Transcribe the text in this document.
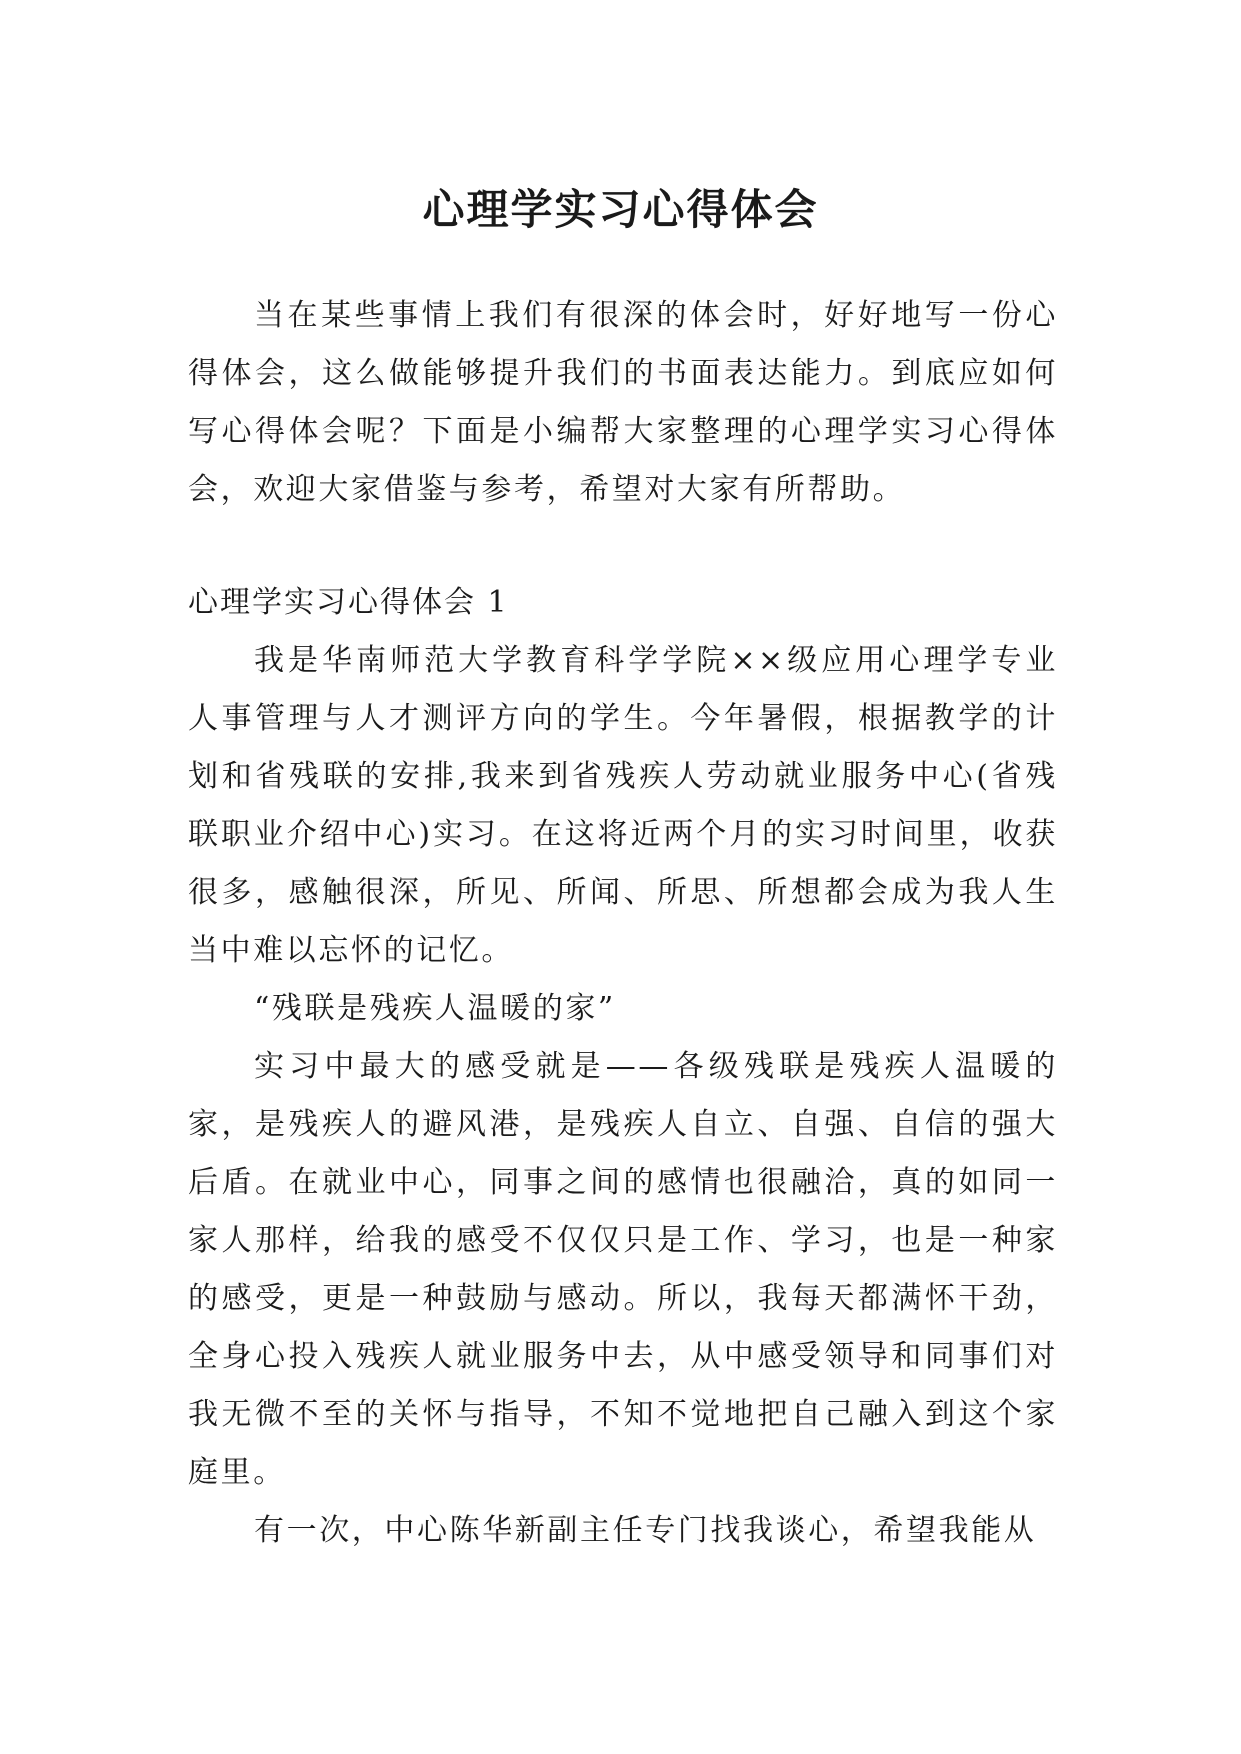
心理学实习心得体会

当在某些事情上我们有很深的体会时，好好地写一份心得体会，这么做能够提升我们的书面表达能力。到底应如何写心得体会呢？下面是小编帮大家整理的心理学实习心得体会，欢迎大家借鉴与参考，希望对大家有所帮助。

心理学实习心得体会 1

我是华南师范大学教育科学学院××级应用心理学专业人事管理与人才测评方向的学生。今年暑假，根据教学的计划和省残联的安排,我来到省残疾人劳动就业服务中心(省残联职业介绍中心)实习。在这将近两个月的实习时间里，收获很多，感触很深，所见、所闻、所思、所想都会成为我人生当中难以忘怀的记忆。

“残联是残疾人温暖的家”

实习中最大的感受就是——各级残联是残疾人温暖的家，是残疾人的避风港，是残疾人自立、自强、自信的强大后盾。在就业中心，同事之间的感情也很融洽，真的如同一家人那样，给我的感受不仅仅只是工作、学习，也是一种家的感受，更是一种鼓励与感动。所以，我每天都满怀干劲，全身心投入残疾人就业服务中去，从中感受领导和同事们对我无微不至的关怀与指导，不知不觉地把自己融入到这个家庭里。

有一次，中心陈华新副主任专门找我谈心，希望我能从
